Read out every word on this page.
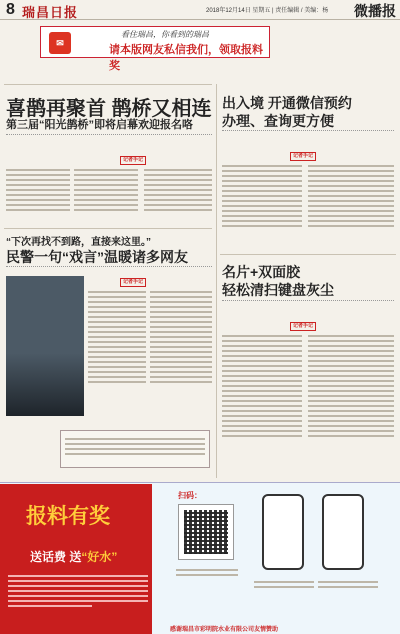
8 瑞昌日报	2018年12月14日 星期五 | 责任编辑 / 美编：杨 微播报
✉
看住瑞昌，你看到的瑞昌
请本版网友私信我们，领取报料奖
喜鹊再聚首 鹊桥又相连
第三届“阳光鹊桥”即将启幕欢迎报名咯
记者手记
“下次再找不到路，直接来这里。”
民警一句“戏言”温暖诸多网友
记者手记
出入境 开通微信预约
办理、查询更方便
记者手记
名片+双面胶
轻松清扫键盘灰尘
记者手记
报料有奖
送话费 送“好水”
扫码：
感谢瑞昌市彩明院水业有限公司友情赞助
